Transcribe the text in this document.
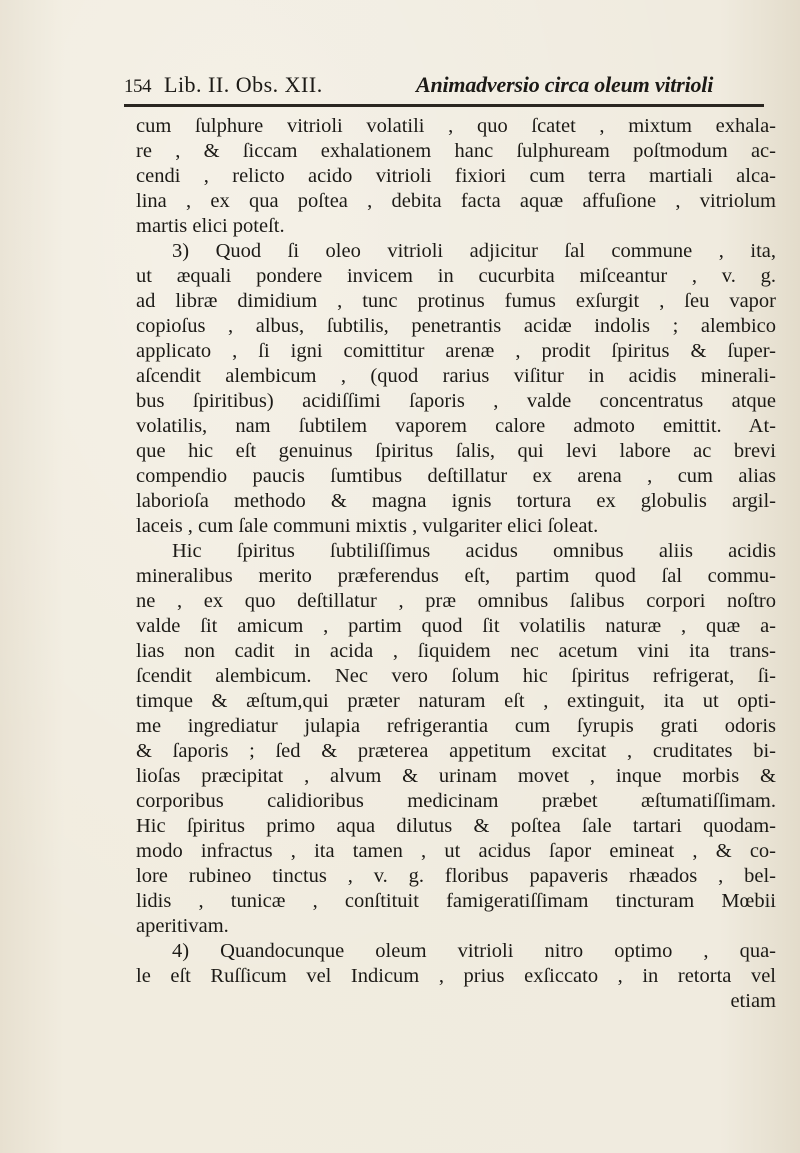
154 Lib. II. Obs. XII.	Animadversio circa oleum vitrioli
cum ſulphure vitrioli volatili , quo ſcatet , mixtum exhala-
re , & ſiccam exhalationem hanc ſulphuream poſtmodum ac-
cendi , relicto acido vitrioli fixiori cum terra martiali alca-
lina , ex qua poſtea , debita facta aquæ affuſione , vitriolum
martis elici poteſt.
3) Quod ſi oleo vitrioli adjicitur ſal commune , ita,
ut æquali pondere invicem in cucurbita miſceantur , v. g.
ad libræ dimidium , tunc protinus fumus exſurgit , ſeu vapor
copioſus , albus, ſubtilis, penetrantis acidæ indolis ; alembico
applicato , ſi igni comittitur arenæ , prodit ſpiritus & ſuper-
aſcendit alembicum , (quod rarius viſitur in acidis minerali-
bus ſpiritibus) acidiſſimi ſaporis , valde concentratus atque
volatilis, nam ſubtilem vaporem calore admoto emittit. At-
que hic eſt genuinus ſpiritus ſalis, qui levi labore ac brevi
compendio paucis ſumtibus deſtillatur ex arena , cum alias
laborioſa methodo & magna ignis tortura ex globulis argil-
laceis , cum ſale communi mixtis , vulgariter elici ſoleat.
Hic ſpiritus ſubtiliſſimus acidus omnibus aliis acidis
mineralibus merito præferendus eſt, partim quod ſal commu-
ne , ex quo deſtillatur , præ omnibus ſalibus corpori noſtro
valde ſit amicum , partim quod ſit volatilis naturæ , quæ a-
lias non cadit in acida , ſiquidem nec acetum vini ita trans-
ſcendit alembicum. Nec vero ſolum hic ſpiritus refrigerat, ſi-
timque & æſtum,qui præter naturam eſt , extinguit, ita ut opti-
me ingrediatur julapia refrigerantia cum ſyrupis grati odoris
& ſaporis ; ſed & præterea appetitum excitat , cruditates bi-
lioſas præcipitat , alvum & urinam movet , inque morbis &
corporibus calidioribus medicinam præbet æſtumatiſſimam.
Hic ſpiritus primo aqua dilutus & poſtea ſale tartari quodam-
modo infractus , ita tamen , ut acidus ſapor emineat , & co-
lore rubineo tinctus , v. g. floribus papaveris rhæados , bel-
lidis , tunicæ , conſtituit famigeratiſſimam tincturam Mœbii
aperitivam.
4) Quandocunque oleum vitrioli nitro optimo , qua-
le eſt Ruſſicum vel Indicum , prius exſiccato , in retorta vel
etiam
